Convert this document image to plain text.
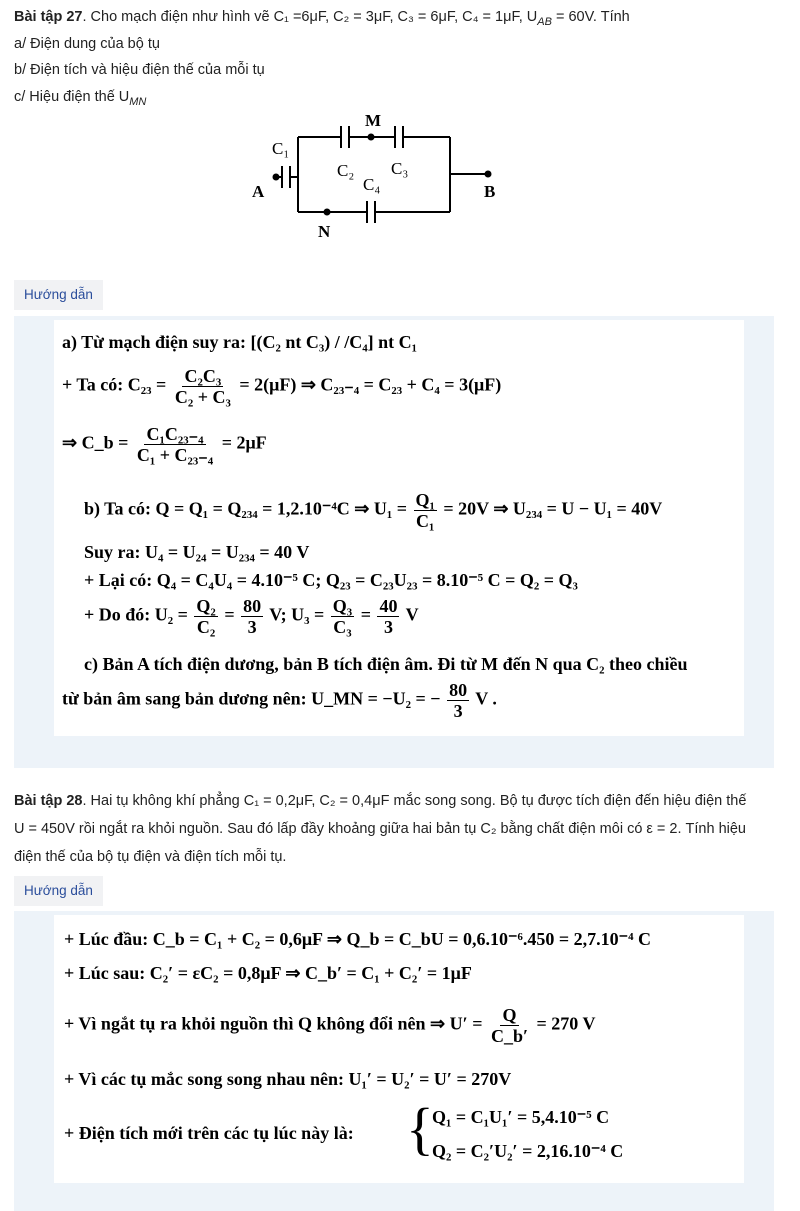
Bài tập 27. Cho mạch điện như hình vẽ C₁ =6μF, C₂ = 3μF, C₃ = 6μF, C₄ = 1μF, $U_{AB} = 60V$. Tính
a/ Điện dung của bộ tụ
b/ Điện tích và hiệu điện thế của mỗi tụ
c/ Hiệu điện thế $U_{MN}$
A	B
M
N
C₁
C₂ C₃
C₄
Hướng dẫn
a) Từ mạch điện suy ra: [(C₂ nt C₃) / /C₄] nt C₁
+ Ta có: $C_{23} = \frac{\text{C₂C₃}}{\text{C₂ + C₃}} = 2(\mu F)$ ⇒ C₂₃₋₄ = C₂₃ + C₄ = 3(μF)
⇒ C_b = $\frac{\text{C₁C₂₃₋₄}}{\text{C₁ + C₂₃₋₄}} = 2\mu F$
b) Ta có: Q = Q₁ = Q₂₃₄ = 1,2.10⁻⁴C ⇒ $U_1 = \frac{\text{Q₁}}{\text{C₁}} = 20V$ ⇒ U₂₃₄ = U − U₁ = 40V
Suy ra: U₄ = U₂₄ = U₂₃₄ = 40 V
+ Lại có: Q₄ = C₄U₄ = 4.10⁻⁵ C; Q₂₃ = C₂₃U₂₃ = 8.10⁻⁵ C = Q₂ = Q₃
+ Do đó: $U_2 = \frac{\text{Q₂}}{\text{C₂}} = \frac{80}{3} V$; $U_3 = \frac{\text{Q₃}}{\text{C₃}} = \frac{40}{3}$ V
c) Bản A tích điện dương, bản B tích điện âm. Đi từ M đến N qua C₂ theo chiều
từ bản âm sang bản dương nên: U_MN = −U₂ = − $\frac{80}{3}$ V .
Bài tập 28. Hai tụ không khí phẳng C₁ = 0,2μF, C₂ = 0,4μF mắc song song. Bộ tụ được tích điện đến hiệu điện thế
U = 450V rồi ngắt ra khỏi nguồn. Sau đó lấp đầy khoảng giữa hai bản tụ C₂ bằng chất điện môi có ε = 2. Tính hiệu
điện thế của bộ tụ điện và điện tích mỗi tụ.
Hướng dẫn
+ Lúc đầu: C_b = C₁ + C₂ = 0,6μF ⇒ Q_b = C_bU = 0,6.10⁻⁶.450 = 2,7.10⁻⁴ C
+ Lúc sau: C₂′ = εC₂ = 0,8μF ⇒ C_b′ = C₁ + C₂′ = 1μF
+ Vì ngắt tụ ra khỏi nguồn thì Q không đổi nên ⇒ $U' = \frac{Q}{C\_b'} = 270$ V
+ Vì các tụ mắc song song nhau nên: U₁′ = U₂′ = U′ = 270V
+ Điện tích mới trên các tụ lúc này là: {
Q₁ = C₁U₁′ = 5,4.10⁻⁵ C
Q₂ = C₂′U₂′ = 2,16.10⁻⁴ C
